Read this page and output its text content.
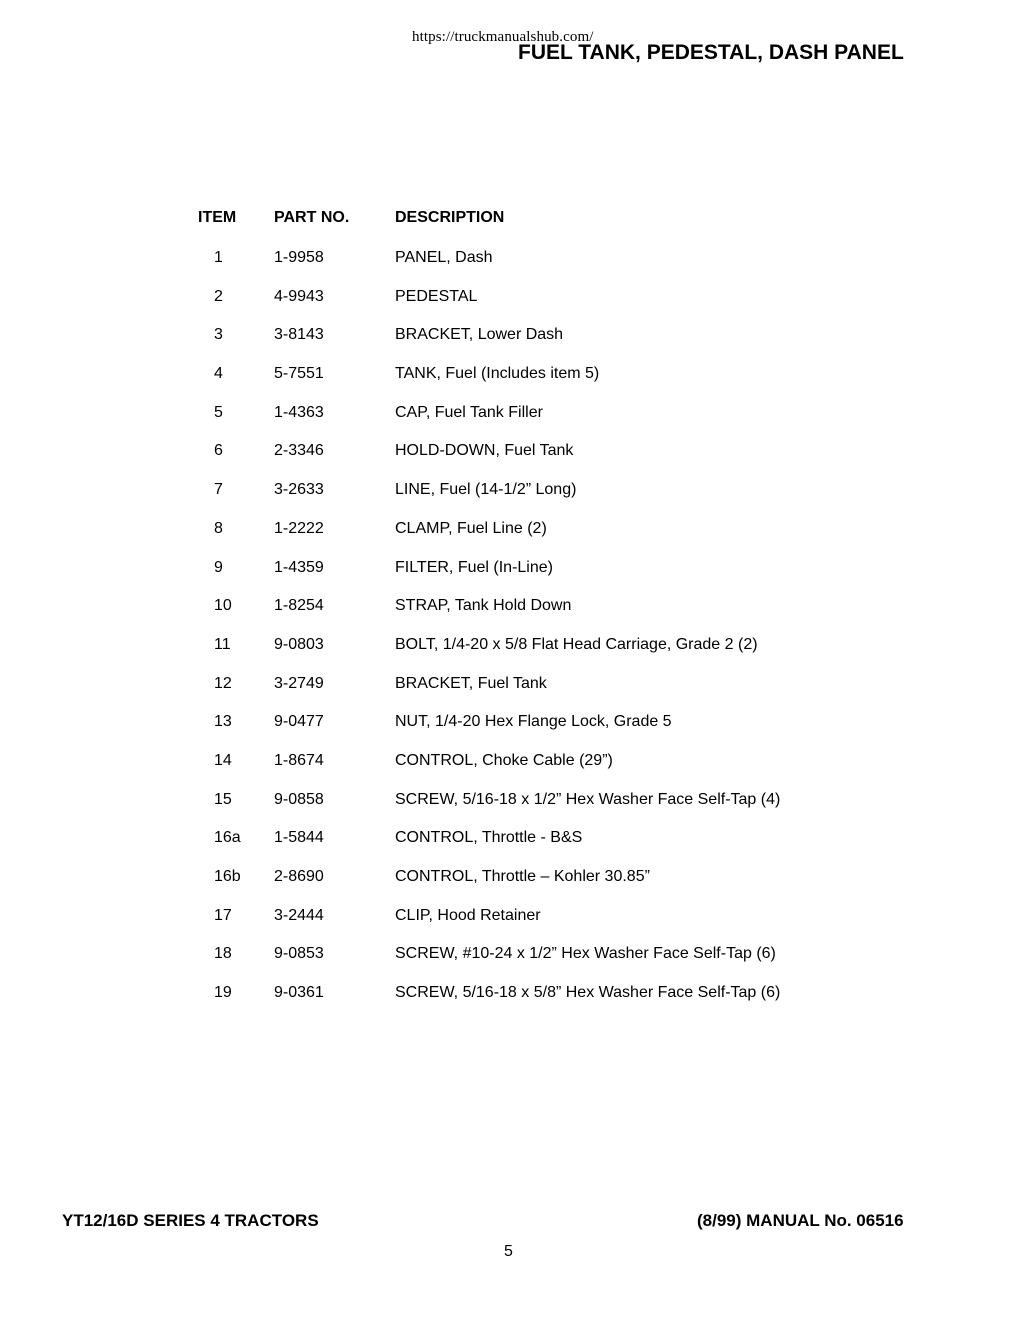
https://truckmanualshub.com/
FUEL TANK, PEDESTAL, DASH PANEL
ITEM	PART NO.	DESCRIPTION
1	1-9958	PANEL, Dash
2	4-9943	PEDESTAL
3	3-8143	BRACKET, Lower Dash
4	5-7551	TANK, Fuel (Includes item 5)
5	1-4363	CAP, Fuel Tank Filler
6	2-3346	HOLD-DOWN, Fuel Tank
7	3-2633	LINE, Fuel (14-1/2” Long)
8	1-2222	CLAMP, Fuel Line (2)
9	1-4359	FILTER, Fuel (In-Line)
10	1-8254	STRAP, Tank Hold Down
11	9-0803	BOLT, 1/4-20 x 5/8 Flat Head Carriage, Grade 2 (2)
12	3-2749	BRACKET, Fuel Tank
13	9-0477	NUT, 1/4-20 Hex Flange Lock, Grade 5
14	1-8674	CONTROL, Choke Cable (29”)
15	9-0858	SCREW, 5/16-18 x 1/2” Hex Washer Face Self-Tap (4)
16a	1-5844	CONTROL, Throttle - B&S
16b	2-8690	CONTROL, Throttle – Kohler 30.85”
17	3-2444	CLIP, Hood Retainer
18	9-0853	SCREW, #10-24 x 1/2” Hex Washer Face Self-Tap (6)
19	9-0361	SCREW, 5/16-18 x 5/8” Hex Washer Face Self-Tap (6)
YT12/16D SERIES 4 TRACTORS	(8/99) MANUAL No. 06516
5
